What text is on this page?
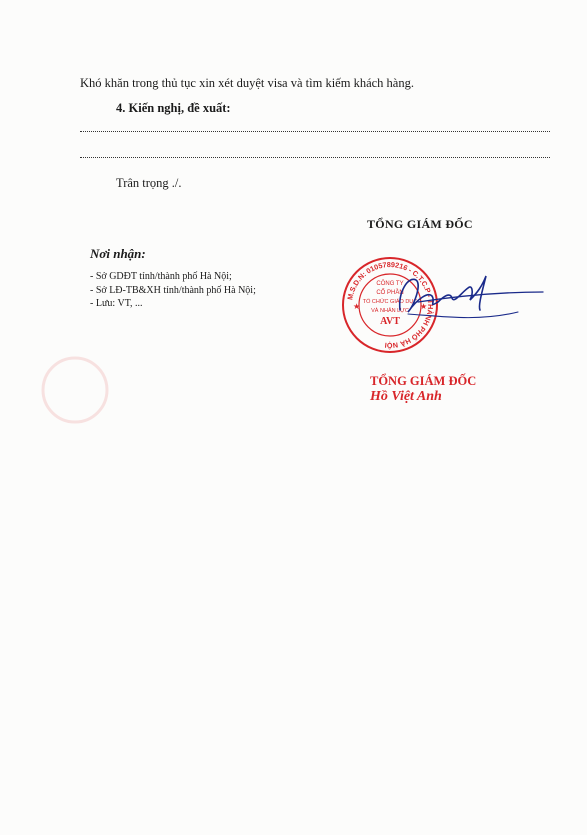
Khó khăn trong thủ tục xin xét duyệt visa và tìm kiếm khách hàng.
4. Kiến nghị, đề xuất:
Trân trọng ./.
Nơi nhận:
- Sở GDĐT tỉnh/thành phố Hà Nội;
- Sở LĐ-TB&XH tỉnh/thành phố Hà Nội;
- Lưu: VT, ...
TỔNG GIÁM ĐỐC
M.S.D.N: 0105789216 - C.T.C.P - THÀNH PHỐ HÀ NỘI
CÔNG TY
CỔ PHẦN
TỔ CHỨC GIÁO DỤC
VÀ NHÂN LỰC
AVT
★	★
TỔNG GIÁM ĐỐC
Hồ Việt Anh
